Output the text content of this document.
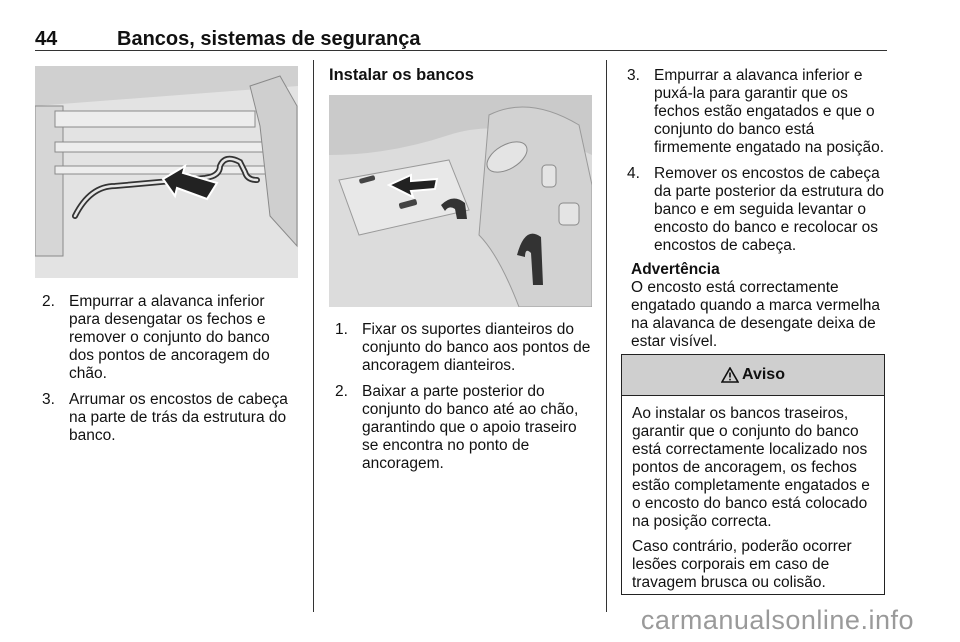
44	Bancos, sistemas de segurança
2. Empurrar a alavanca inferior para desengatar os fechos e remover o conjunto do banco dos pontos de ancoragem do chão.
3. Arrumar os encostos de cabeça na parte de trás da estrutura do banco.
Instalar os bancos
1. Fixar os suportes dianteiros do conjunto do banco aos pontos de ancoragem dianteiros.
2. Baixar a parte posterior do conjunto do banco até ao chão, garantindo que o apoio traseiro se encontra no ponto de ancoragem.
3. Empurrar a alavanca inferior e puxá-la para garantir que os fechos estão engatados e que o conjunto do banco está firmemente engatado na posição.
4. Remover os encostos de cabeça da parte posterior da estrutura do banco e em seguida levantar o encosto do banco e recolocar os encostos de cabeça.
Advertência
O encosto está correctamente engatado quando a marca vermelha na alavanca de desengate deixa de estar visível.
Aviso

Ao instalar os bancos traseiros, garantir que o conjunto do banco está correctamente localizado nos pontos de ancoragem, os fechos estão completamente engatados e o encosto do banco está colocado na posição correcta.

Caso contrário, poderão ocorrer lesões corporais em caso de travagem brusca ou colisão.

carmanualsonline.info
